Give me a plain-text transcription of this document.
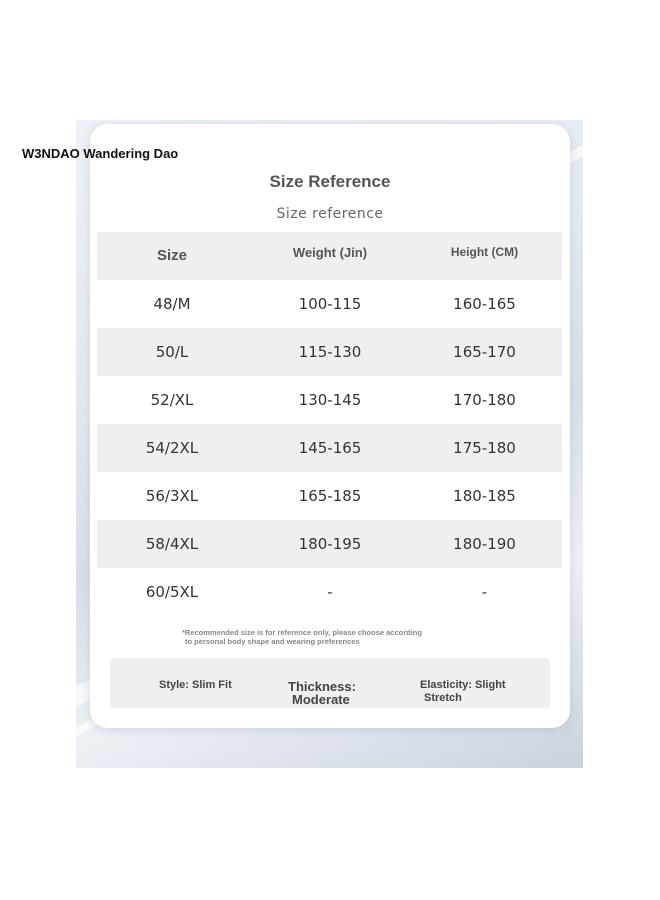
W3NDAO Wandering Dao
Size Reference
Size reference
Size	Weight (Jin)	Height (CM)
48/M	100-115	160-165
50/L	115-130	165-170
52/XL	130-145	170-180
54/2XL	145-165	175-180
56/3XL	165-185	180-185
58/4XL	180-195	180-190
60/5XL	-	-
*Recommended size is for reference only, please choose according
to personal body shape and wearing preferences
Style: Slim Fit	Thickness:
Moderate
Elasticity: Slight
Stretch
